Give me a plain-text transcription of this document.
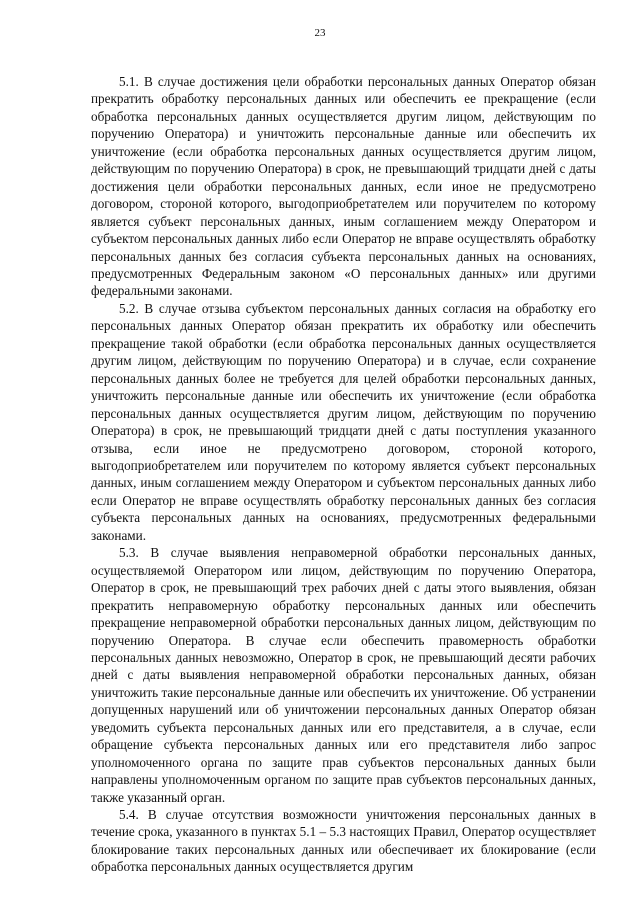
23

5.1. В случае достижения цели обработки персональных данных Оператор обязан прекратить обработку персональных данных или обеспечить ее прекращение (если обработка персональных данных осуществляется другим лицом, действующим по поручению Оператора) и уничтожить персональные данные или обеспечить их уничтожение (если обработка персональных данных осуществляется другим лицом, действующим по поручению Оператора) в срок, не превышающий тридцати дней с даты достижения цели обработки персональных данных, если иное не предусмотрено договором, стороной которого, выгодоприобретателем или поручителем по которому является субъект персональных данных, иным соглашением между Оператором и субъектом персональных данных либо если Оператор не вправе осуществлять обработку персональных данных без согласия субъекта персональных данных на основаниях, предусмотренных Федеральным законом «О персональных данных» или другими федеральными законами.

5.2. В случае отзыва субъектом персональных данных согласия на обработку его персональных данных Оператор обязан прекратить их обработку или обеспечить прекращение такой обработки (если обработка персональных данных осуществляется другим лицом, действующим по поручению Оператора) и в случае, если сохранение персональных данных более не требуется для целей обработки персональных данных, уничтожить персональные данные или обеспечить их уничтожение (если обработка персональных данных осуществляется другим лицом, действующим по поручению Оператора) в срок, не превышающий тридцати дней с даты поступления указанного отзыва, если иное не предусмотрено договором, стороной которого, выгодоприобретателем или поручителем по которому является субъект персональных данных, иным соглашением между Оператором и субъектом персональных данных либо если Оператор не вправе осуществлять обработку персональных данных без согласия субъекта персональных данных на основаниях, предусмотренных федеральными законами.

5.3. В случае выявления неправомерной обработки персональных данных, осуществляемой Оператором или лицом, действующим по поручению Оператора, Оператор в срок, не превышающий трех рабочих дней с даты этого выявления, обязан прекратить неправомерную обработку персональных данных или обеспечить прекращение неправомерной обработки персональных данных лицом, действующим по поручению Оператора. В случае если обеспечить правомерность обработки персональных данных невозможно, Оператор в срок, не превышающий десяти рабочих дней с даты выявления неправомерной обработки персональных данных, обязан уничтожить такие персональные данные или обеспечить их уничтожение. Об устранении допущенных нарушений или об уничтожении персональных данных Оператор обязан уведомить субъекта персональных данных или его представителя, а в случае, если обращение субъекта персональных данных или его представителя либо запрос уполномоченного органа по защите прав субъектов персональных данных были направлены уполномоченным органом по защите прав субъектов персональных данных, также указанный орган.

5.4. В случае отсутствия возможности уничтожения персональных данных в течение срока, указанного в пунктах 5.1 – 5.3 настоящих Правил, Оператор осуществляет блокирование таких персональных данных или обеспечивает их блокирование (если обработка персональных данных осуществляется другим
